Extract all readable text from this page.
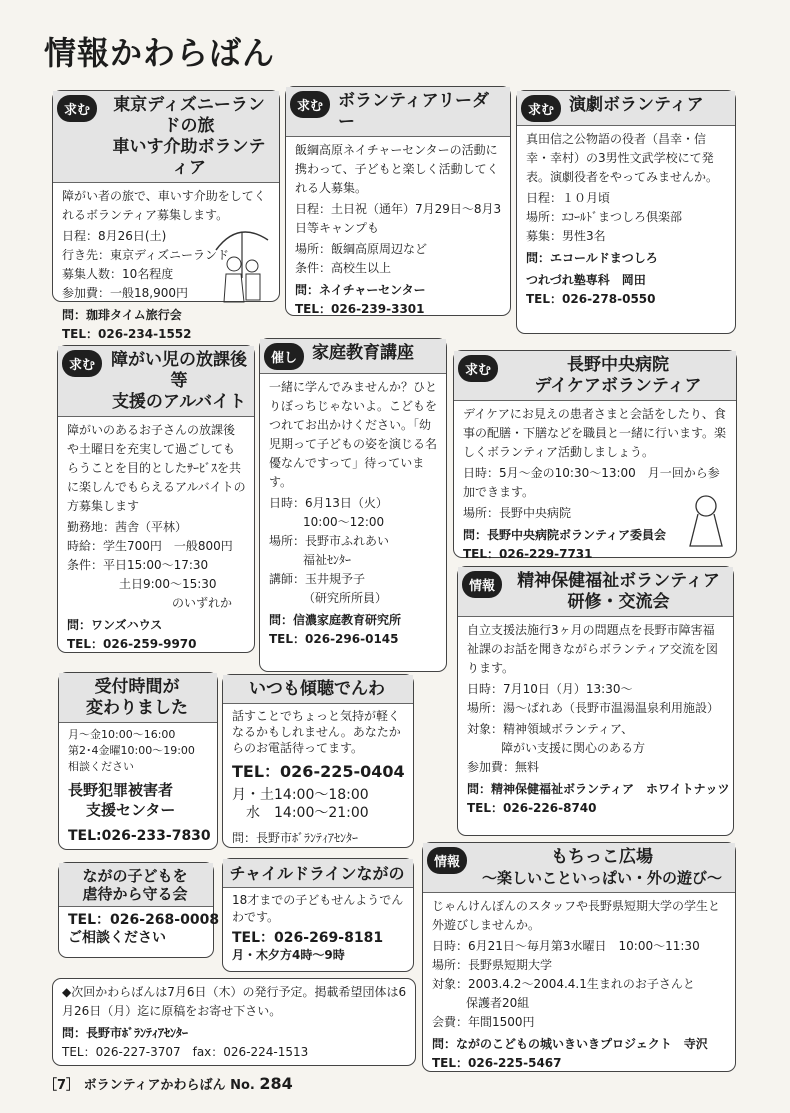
情報かわらばん
求む	東京ディズニーランドの旅
車いす介助ボランティア
障がい者の旅で、車いす介助をしてくれるボランティア募集します。
日程：8月26日(土)
行き先：東京ディズニーランド
募集人数：10名程度
参加費：一般18,900円
問：珈琲タイム旅行会
TEL：026-234-1552
求む ボランティアリーダー
飯綱高原ネイチャーセンターの活動に携わって、子どもと楽しく活動してくれる人募集。
日程：土日祝（通年）7月29日～8月3日等キャンプも
場所：飯綱高原周辺など
条件：高校生以上
問：ネイチャーセンター
TEL：026-239-3301
求む 演劇ボランティア
真田信之公物語の役者（昌幸・信幸・幸村）の3男性文武学校にて発表。演劇役者をやってみませんか。
日程：１０月頃
場所：ｴｺｰﾙﾄﾞまつしろ倶楽部
募集：男性3名
問：エコールドまつしろ
つれづれ塾専科　岡田
TEL：026-278-0550
求む 障がい児の放課後等
支援のアルバイト
障がいのあるお子さんの放課後や土曜日を充実して過ごしてもらうことを目的としたｻｰﾋﾞｽを共に楽しんでもらえるアルバイトの方募集します
勤務地：茜舎（平林）
時給：学生700円　一般800円
条件：平日15:00～17:30
土日9:00～15:30
のいずれか
問：ワンズハウス
TEL：026-259-9970
催し 家庭教育講座
一緒に学んでみませんか？ひとりぼっちじゃないよ。こどもをつれてお出かけください。「幼児期って子どもの姿を演じる名優なんですって」待っています。
日時：6月13日（火）
10:00～12:00
場所：長野市ふれあい
福祉ｾﾝﾀｰ
講師：玉井規予子
（研究所所員）
問：信濃家庭教育研究所
TEL：026-296-0145
求む	長野中央病院
デイケアボランティア
デイケアにお見えの患者さまと会話をしたり、食事の配膳・下膳などを職員と一緒に行います。楽しくボランティア活動しましょう。
日時：5月～金の10:30～13:00　月一回から参加できます。
場所：長野中央病院
問：長野中央病院ボランティア委員会
TEL：026-229-7731
情報	精神保健福祉ボランティア
研修・交流会
自立支援法施行3ヶ月の問題点を長野市障害福祉課のお話を聞きながらボランティア交流を図ります。
日時：7月10日（月）13:30～
場所：湯～ぱれあ（長野市温湯温泉利用施設）
対象：精神領域ボランティア、
障がい支援に関心のある方
参加費：無料
問：精神保健福祉ボランティア　ホワイトナッツ
TEL：026-226-8740
受付時間が
変わりました
月～金10:00～16:00
第2･4金曜10:00～19:00
相談ください
長野犯罪被害者
支援センター
TEL:026-233-7830
いつも傾聴でんわ
話すことでちょっと気持が軽くなるかもしれません。あなたからのお電話待ってます。
TEL：026-225-0404
月・土14:00～18:00
水　14:00～21:00
問：長野市ﾎﾞﾗﾝﾃｨｱｾﾝﾀｰ
ながの子どもを
虐待から守る会
TEL：026-268-0008
ご相談ください
チャイルドラインながの
18才までの子どもせんようでんわです。
TEL：026-269-8181
月・木夕方4時～9時
◆次回かわらばんは7月6日（木）の発行予定。掲載希望団体は6月26日（月）迄に原稿をお寄せ下さい。
問：長野市ﾎﾞﾗﾝﾃｨｱｾﾝﾀｰ
TEL：026-227-3707　fax：026-224-1513
情報	もちっこ広場
～楽しいこといっぱい・外の遊び～
じゃんけんぽんのスタッフや長野県短期大学の学生と外遊びしませんか。
日時：6月21日～毎月第3水曜日　10:00～11:30
場所：長野県短期大学
対象：2003.4.2～2004.4.1生まれのお子さんと
保護者20組
会費：年間1500円
問：ながのこどもの城いきいきプロジェクト　寺沢
TEL：026-225-5467
［7］ ボランティアかわらばん No. 284
